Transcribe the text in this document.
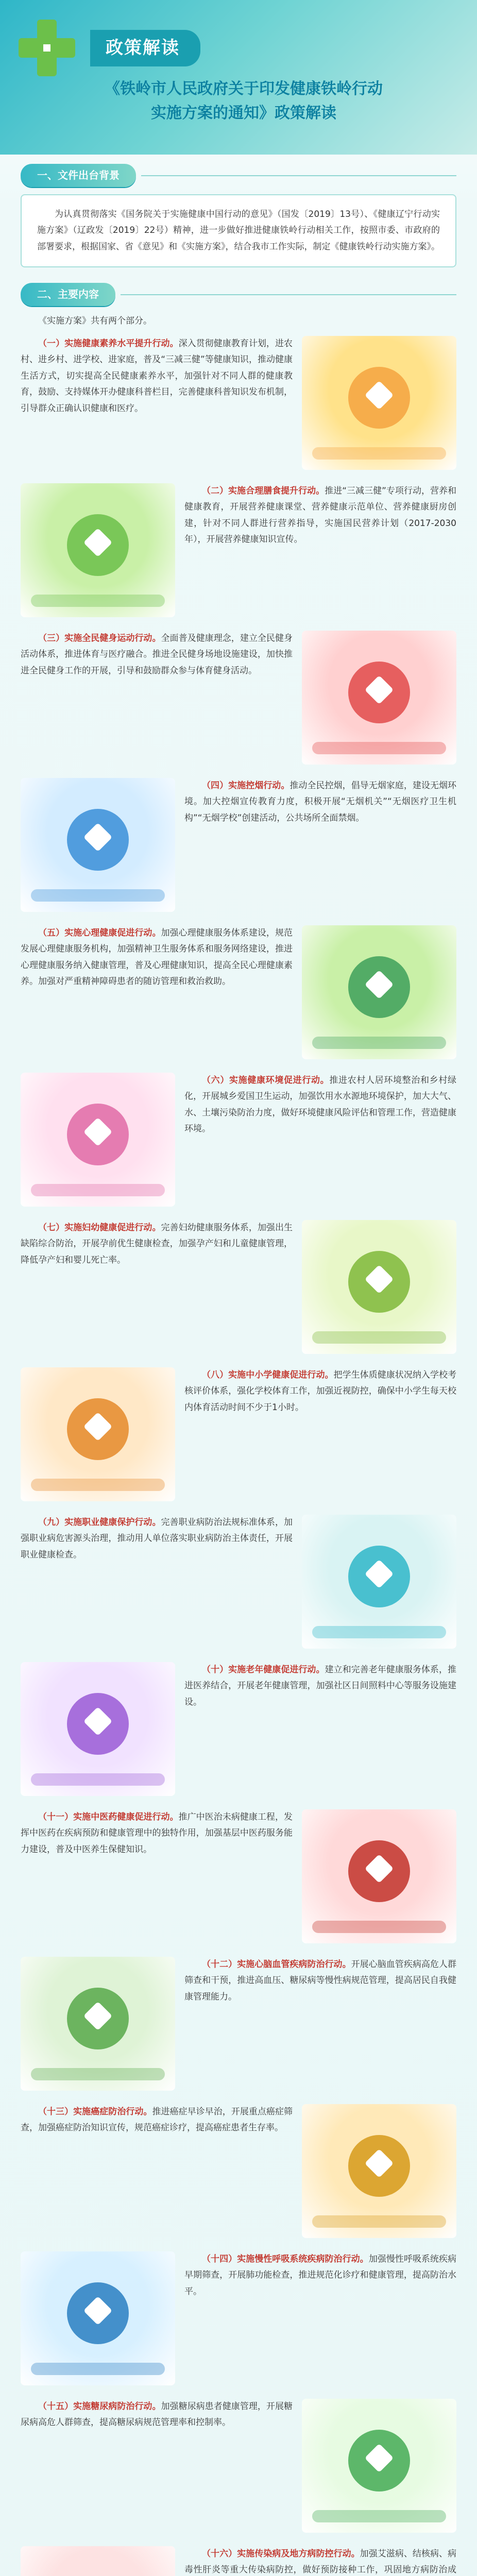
政策解读
《铁岭市人民政府关于印发健康铁岭行动
实施方案的通知》政策解读
一、文件出台背景
为认真贯彻落实《国务院关于实施健康中国行动的意见》（国发〔2019〕13号）、《健康辽宁行动实施方案》（辽政发〔2019〕22号）精神，进一步做好推进健康铁岭行动相关工作，按照市委、市政府的部署要求，根据国家、省《意见》和《实施方案》，结合我市工作实际，制定《健康铁岭行动实施方案》。
二、主要内容

《实施方案》共有两个部分。

（一）实施健康素养水平提升行动。深入贯彻健康教育计划，进农村、进乡村、进学校、进家庭，普及“三减三健”等健康知识，推动健康生活方式，切实提高全民健康素养水平，加强针对不同人群的健康教育，鼓励、支持媒体开办健康科普栏目，完善健康科普知识发布机制，引导群众正确认识健康和医疗。
（二）实施合理膳食提升行动。推进“三减三健”专项行动，营养和健康教育，开展营养健康课堂、营养健康示范单位、营养健康厨房创建，针对不同人群进行营养指导，实施国民营养计划（2017-2030年），开展营养健康知识宣传。
（三）实施全民健身运动行动。全面普及健康理念，建立全民健身活动体系，推进体育与医疗融合。推进全民健身场地设施建设，加快推进全民健身工作的开展，引导和鼓励群众参与体育健身活动。
（四）实施控烟行动。推动全民控烟，倡导无烟家庭，建设无烟环境。加大控烟宣传教育力度，积极开展“无烟机关”“无烟医疗卫生机构”“无烟学校”创建活动，公共场所全面禁烟。
（五）实施心理健康促进行动。加强心理健康服务体系建设，规范发展心理健康服务机构，加强精神卫生服务体系和服务网络建设，推进心理健康服务纳入健康管理，普及心理健康知识，提高全民心理健康素养。加强对严重精神障碍患者的随访管理和救治救助。
（六）实施健康环境促进行动。推进农村人居环境整治和乡村绿化，开展城乡爱国卫生运动，加强饮用水水源地环境保护，加大大气、水、土壤污染防治力度，做好环境健康风险评估和管理工作，营造健康环境。
（七）实施妇幼健康促进行动。完善妇幼健康服务体系，加强出生缺陷综合防治，开展孕前优生健康检查，加强孕产妇和儿童健康管理，降低孕产妇和婴儿死亡率。
（八）实施中小学健康促进行动。把学生体质健康状况纳入学校考核评价体系，强化学校体育工作，加强近视防控，确保中小学生每天校内体育活动时间不少于1小时。
（九）实施职业健康保护行动。完善职业病防治法规标准体系，加强职业病危害源头治理，推动用人单位落实职业病防治主体责任，开展职业健康检查。
（十）实施老年健康促进行动。建立和完善老年健康服务体系，推进医养结合，开展老年健康管理，加强社区日间照料中心等服务设施建设。
（十一）实施中医药健康促进行动。推广中医治未病健康工程，发挥中医药在疾病预防和健康管理中的独特作用，加强基层中医药服务能力建设，普及中医养生保健知识。
（十二）实施心脑血管疾病防治行动。开展心脑血管疾病高危人群筛查和干预，推进高血压、糖尿病等慢性病规范管理，提高居民自我健康管理能力。
（十三）实施癌症防治行动。推进癌症早诊早治，开展重点癌症筛查，加强癌症防治知识宣传，规范癌症诊疗，提高癌症患者生存率。
（十四）实施慢性呼吸系统疾病防治行动。加强慢性呼吸系统疾病早期筛查，开展肺功能检查，推进规范化诊疗和健康管理，提高防治水平。
（十五）实施糖尿病防治行动。加强糖尿病患者健康管理，开展糖尿病高危人群筛查，提高糖尿病规范管理率和控制率。
（十六）实施传染病及地方病防控行动。加强艾滋病、结核病、病毒性肝炎等重大传染病防控，做好预防接种工作，巩固地方病防治成
